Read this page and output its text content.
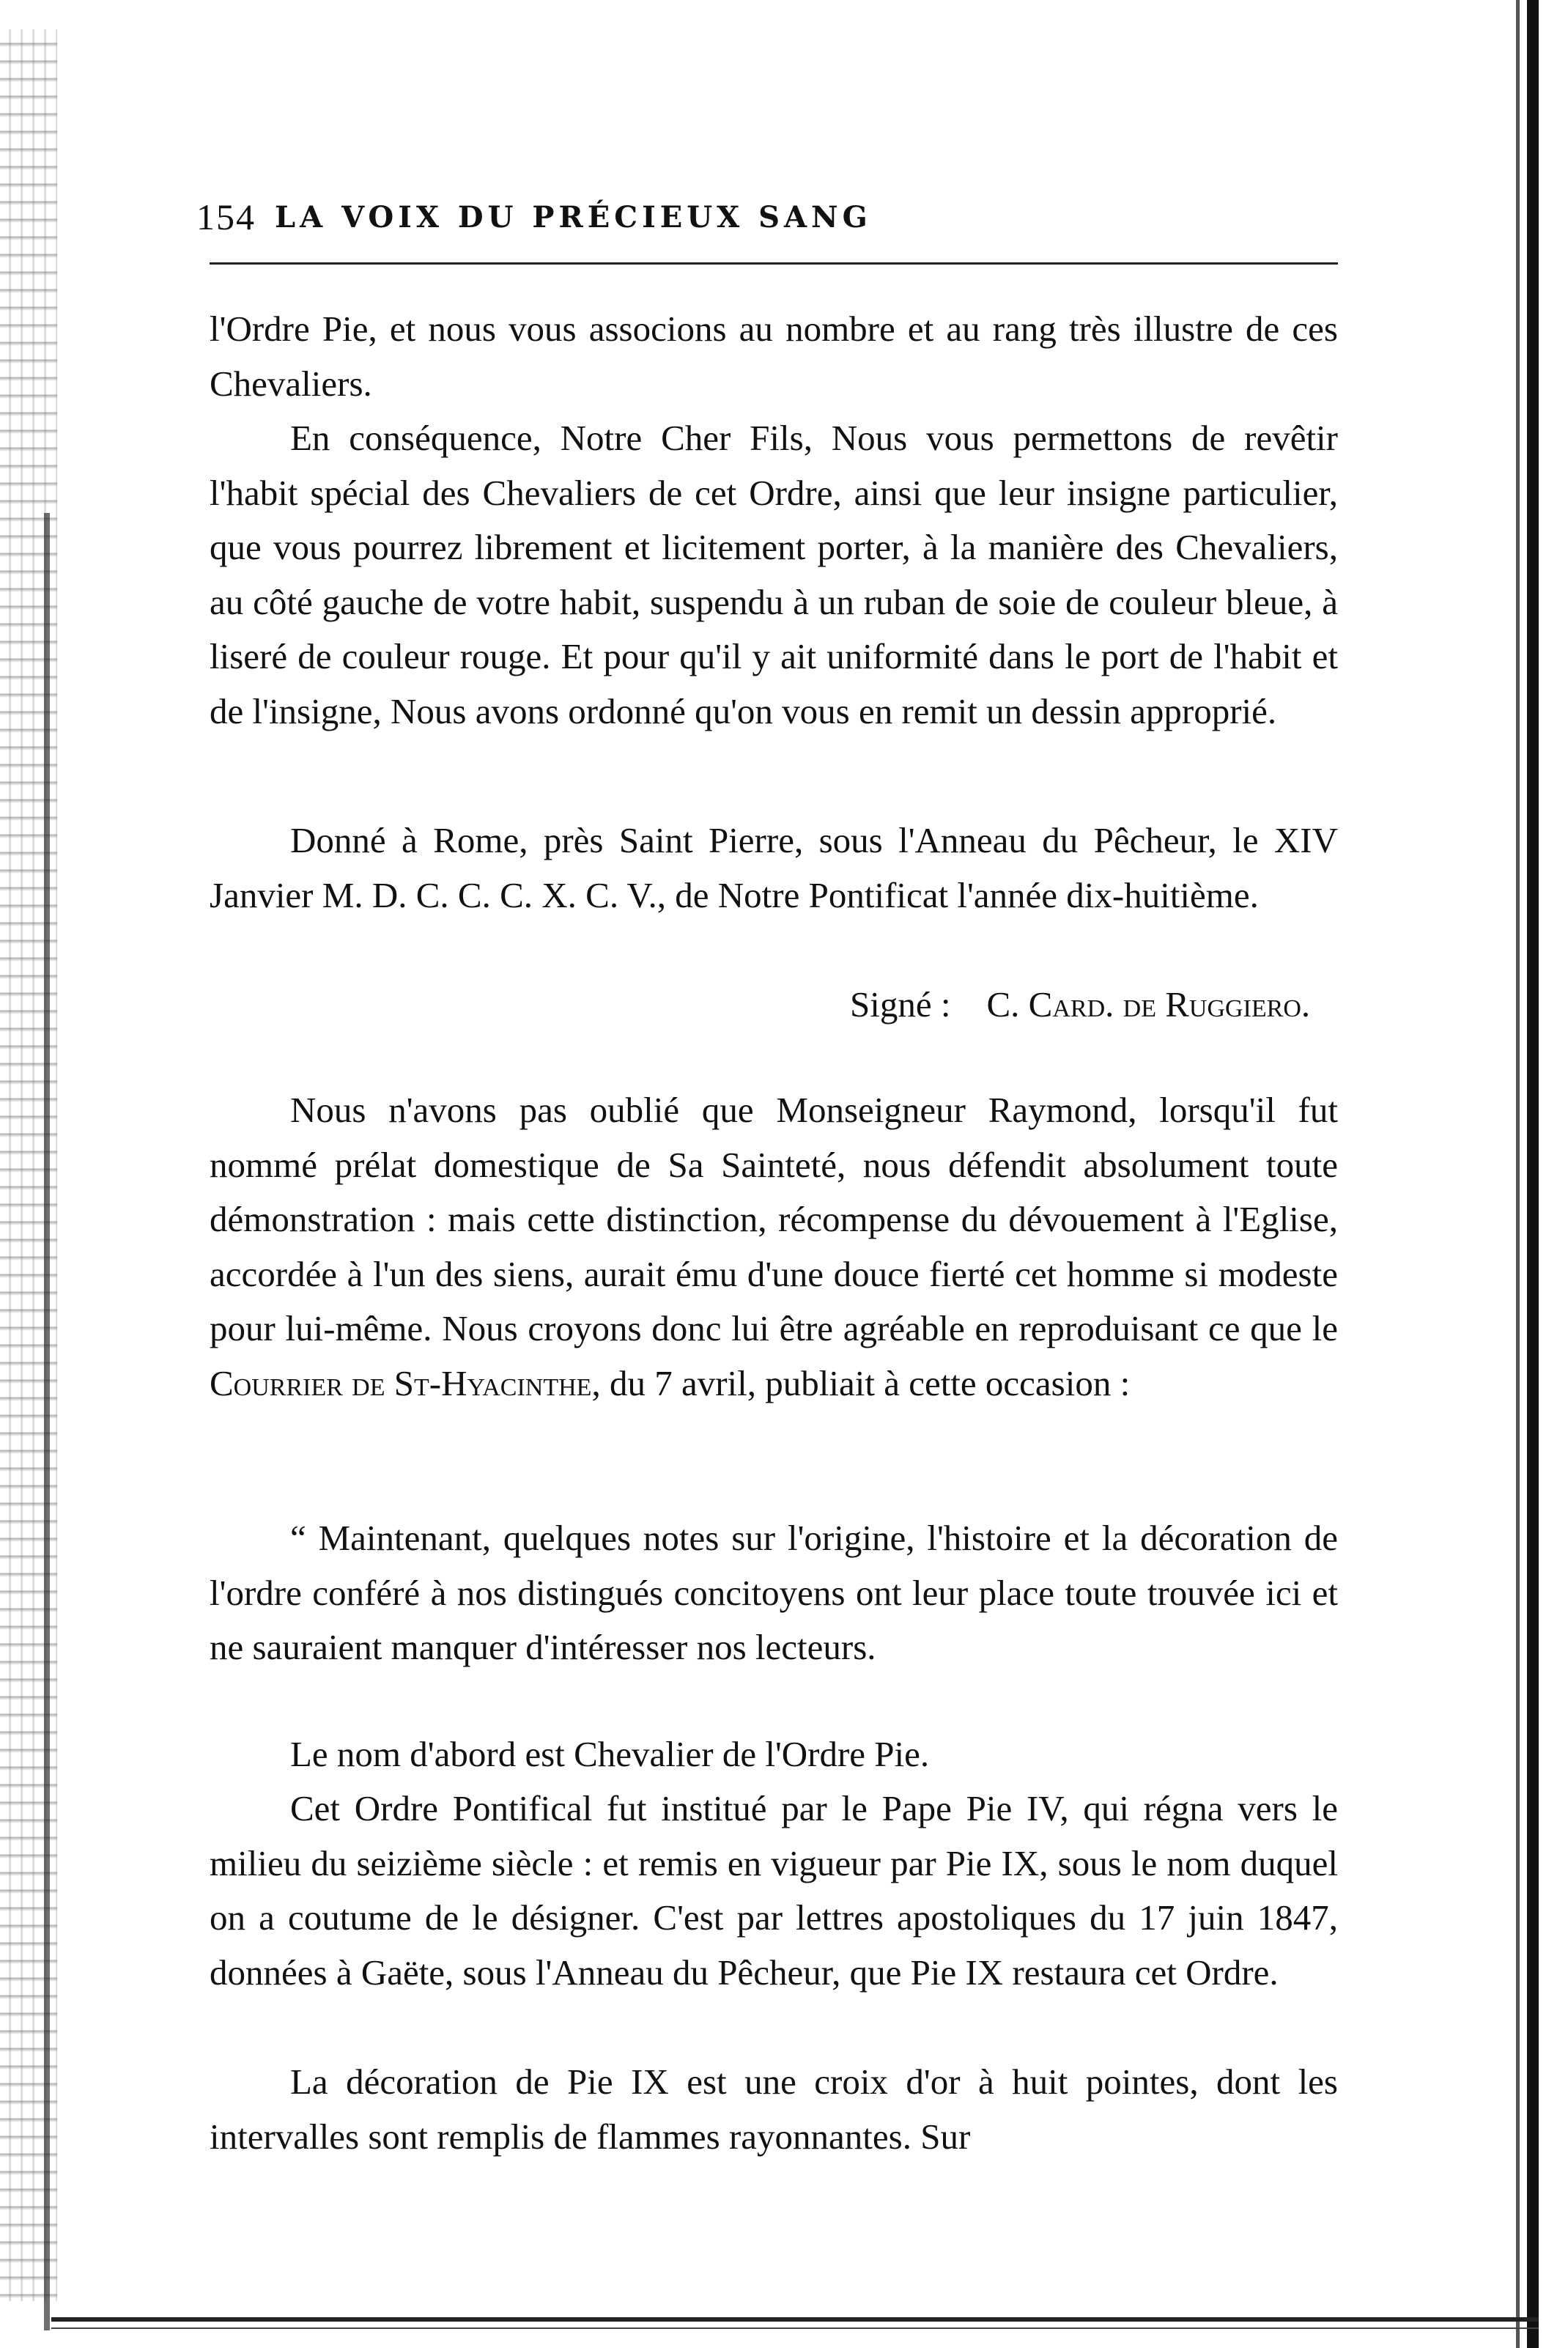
154 LA VOIX DU PRÉCIEUX SANG

l'Ordre Pie, et nous vous associons au nombre et au rang très illustre de ces Chevaliers.

En conséquence, Notre Cher Fils, Nous vous permettons de revêtir l'habit spécial des Chevaliers de cet Ordre, ainsi que leur insigne particulier, que vous pourrez librement et licitement porter, à la manière des Chevaliers, au côté gauche de votre habit, suspendu à un ruban de soie de couleur bleue, à liseré de couleur rouge. Et pour qu'il y ait uniformité dans le port de l'habit et de l'insigne, Nous avons ordonné qu'on vous en remit un dessin approprié.

Donné à Rome, près Saint Pierre, sous l'Anneau du Pêcheur, le XIV Janvier M. D. C. C. C. X. C. V., de Notre Pontificat l'année dix-huitième.

Signé : C. Card. de Ruggiero.

Nous n'avons pas oublié que Monseigneur Raymond, lorsqu'il fut nommé prélat domestique de Sa Sainteté, nous défendit absolument toute démonstration : mais cette distinction, récompense du dévouement à l'Eglise, accordée à l'un des siens, aurait ému d'une douce fierté cet homme si modeste pour lui-même. Nous croyons donc lui être agréable en reproduisant ce que le Courrier de St-Hyacinthe, du 7 avril, publiait à cette occasion :

“ Maintenant, quelques notes sur l'origine, l'histoire et la décoration de l'ordre conféré à nos distingués concitoyens ont leur place toute trouvée ici et ne sauraient manquer d'intéresser nos lecteurs.

Le nom d'abord est Chevalier de l'Ordre Pie.

Cet Ordre Pontifical fut institué par le Pape Pie IV, qui régna vers le milieu du seizième siècle : et remis en vigueur par Pie IX, sous le nom duquel on a coutume de le désigner. C'est par lettres apostoliques du 17 juin 1847, données à Gaëte, sous l'Anneau du Pêcheur, que Pie IX restaura cet Ordre.

La décoration de Pie IX est une croix d'or à huit pointes, dont les intervalles sont remplis de flammes rayonnantes. Sur
